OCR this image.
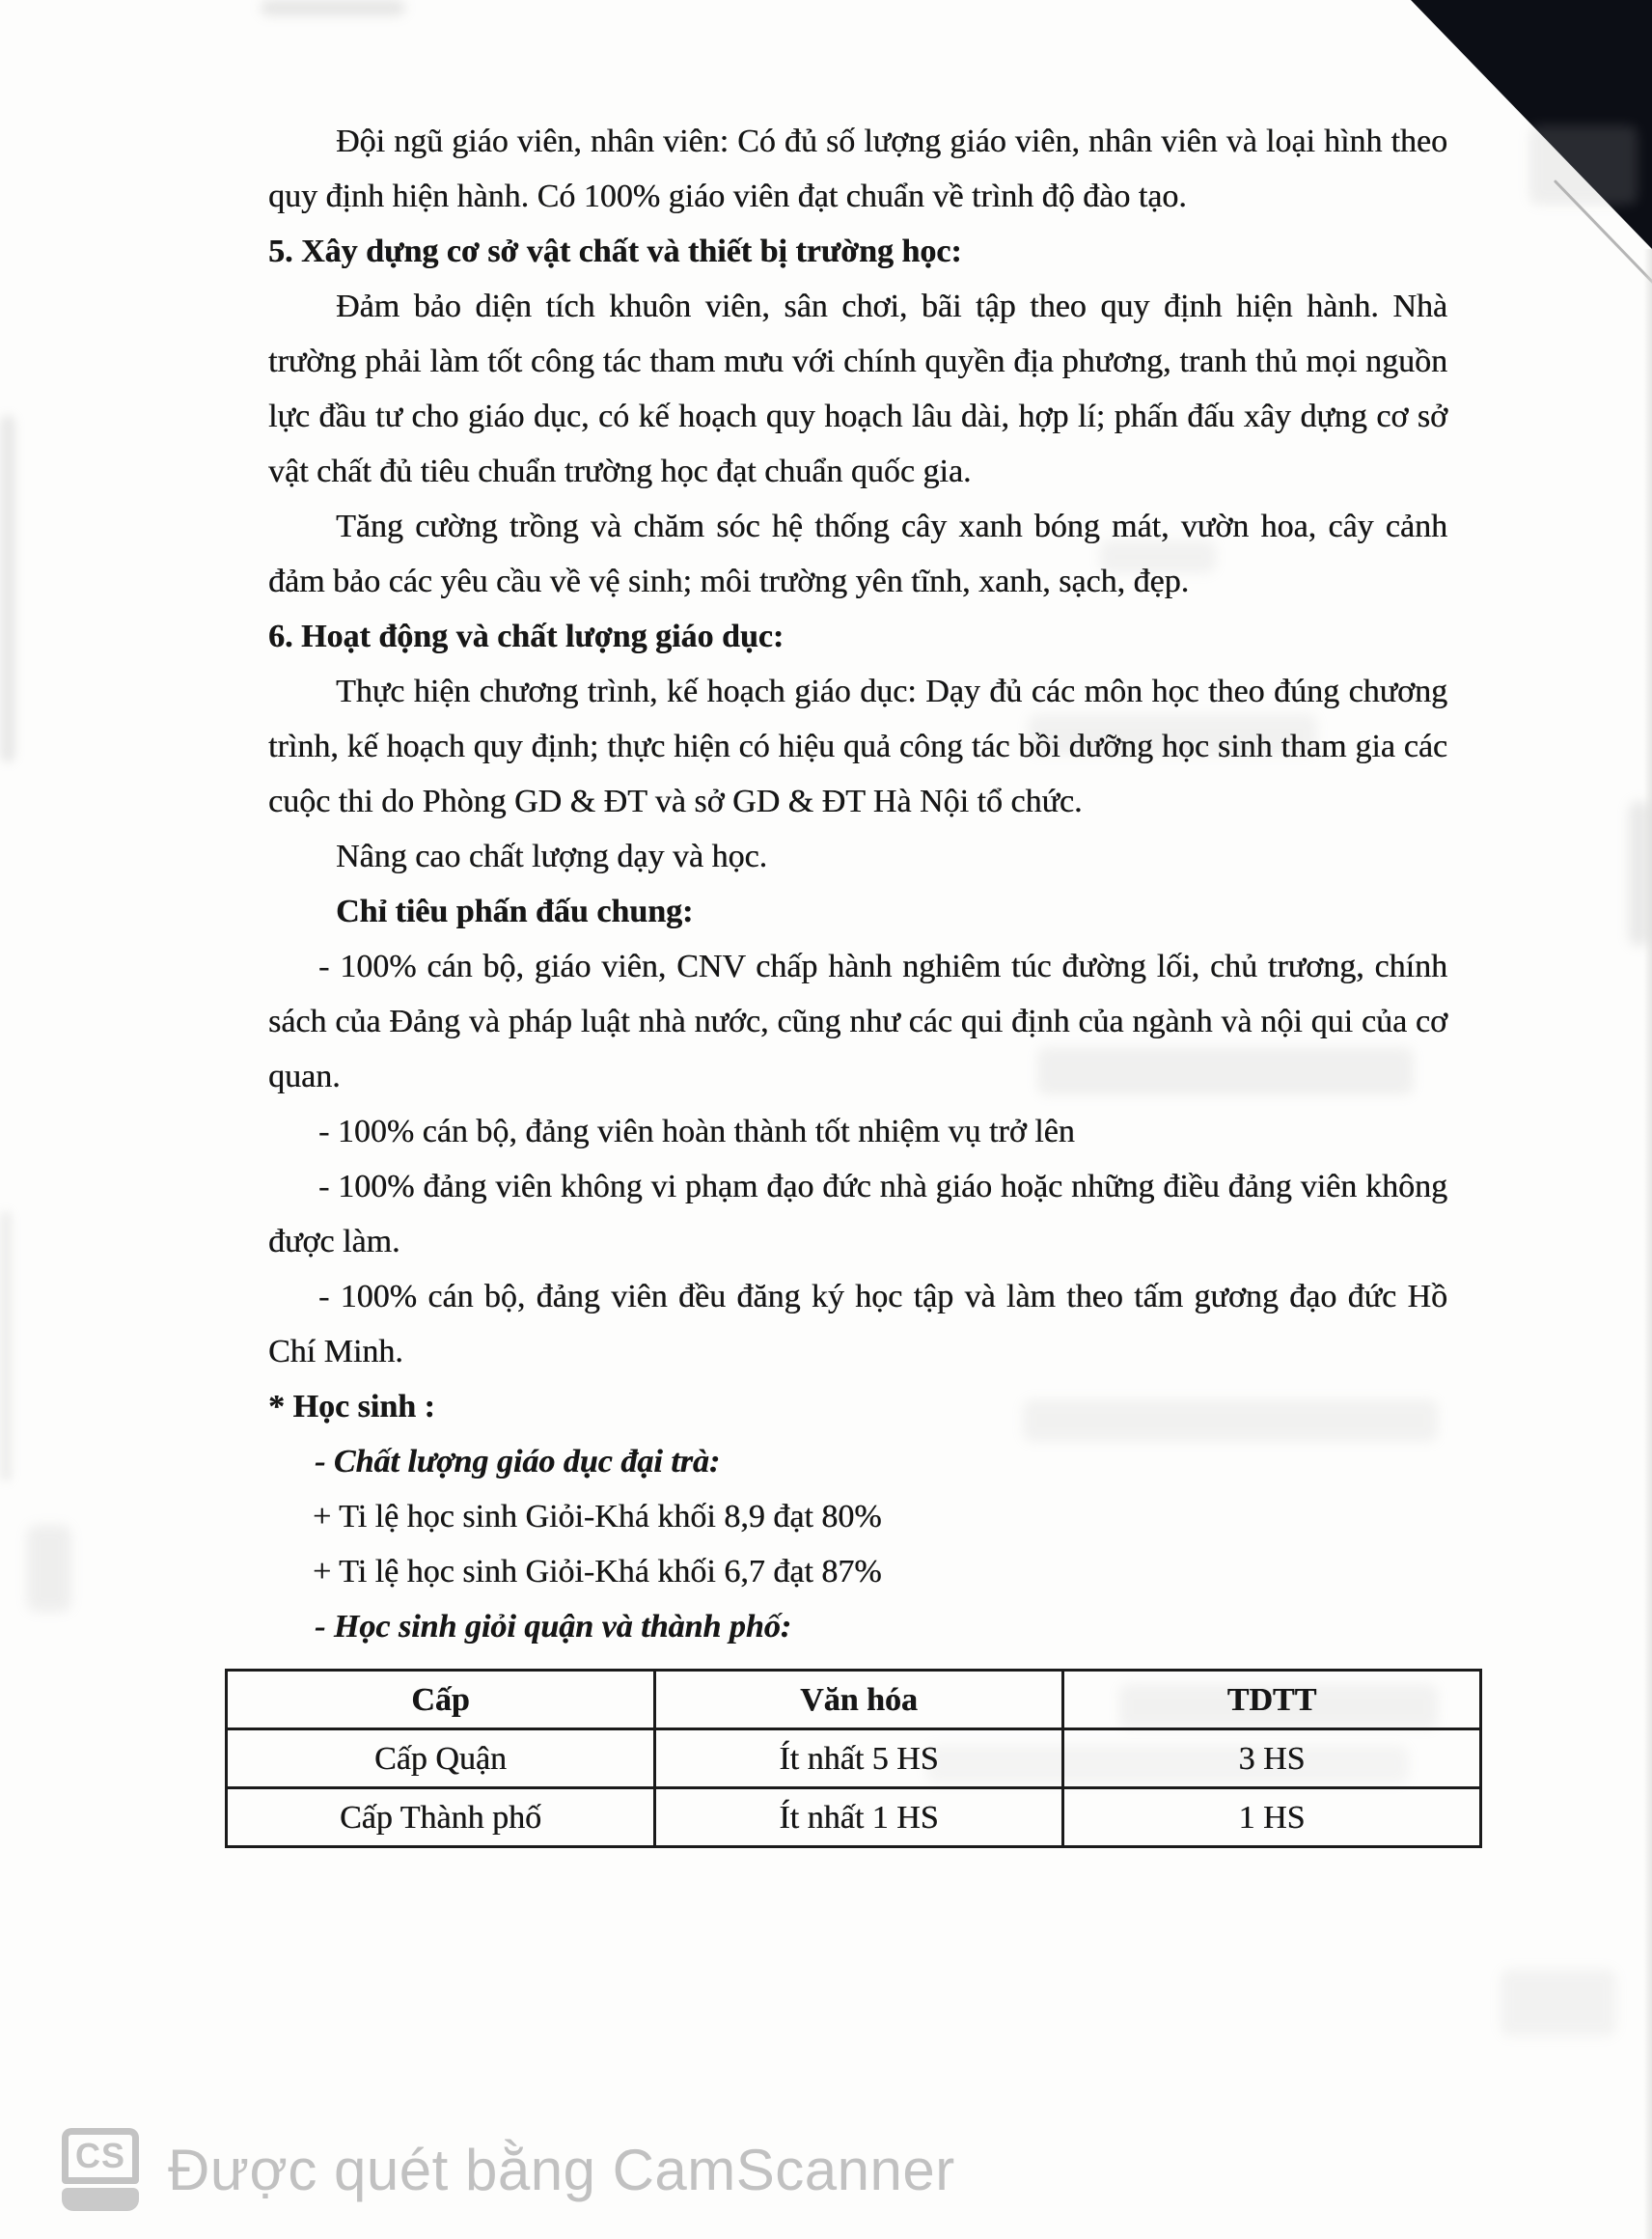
Đội ngũ giáo viên, nhân viên: Có đủ số lượng giáo viên, nhân viên và loại hình theo quy định hiện hành. Có 100% giáo viên đạt chuẩn về trình độ đào tạo.

5. Xây dựng cơ sở vật chất và thiết bị trường học:

Đảm bảo diện tích khuôn viên, sân chơi, bãi tập theo quy định hiện hành. Nhà trường phải làm tốt công tác tham mưu với chính quyền địa phương, tranh thủ mọi nguồn lực đầu tư cho giáo dục, có kế hoạch quy hoạch lâu dài, hợp lí; phấn đấu xây dựng cơ sở vật chất đủ tiêu chuẩn trường học đạt chuẩn quốc gia.

Tăng cường trồng và chăm sóc hệ thống cây xanh bóng mát, vườn hoa, cây cảnh đảm bảo các yêu cầu về vệ sinh; môi trường yên tĩnh, xanh, sạch, đẹp.

6. Hoạt động và chất lượng giáo dục:

Thực hiện chương trình, kế hoạch giáo dục: Dạy đủ các môn học theo đúng chương trình, kế hoạch quy định; thực hiện có hiệu quả công tác bồi dưỡng học sinh tham gia các cuộc thi do Phòng GD & ĐT và sở GD & ĐT Hà Nội tổ chức.

Nâng cao chất lượng dạy và học.

Chỉ tiêu phấn đấu chung:

- 100% cán bộ, giáo viên, CNV chấp hành nghiêm túc đường lối, chủ trương, chính sách của Đảng và pháp luật nhà nước, cũng như các qui định của ngành và nội qui của cơ quan.

- 100% cán bộ, đảng viên hoàn thành tốt nhiệm vụ trở lên

- 100% đảng viên không vi phạm đạo đức nhà giáo hoặc những điều đảng viên không được làm.

- 100% cán bộ, đảng viên đều đăng ký học tập và làm theo tấm gương đạo đức Hồ Chí Minh.

* Học sinh :

- Chất lượng giáo dục đại trà:

+ Ti lệ học sinh Giỏi-Khá khối 8,9 đạt 80%

+ Ti lệ học sinh Giỏi-Khá khối 6,7 đạt 87%

- Học sinh giỏi quận và thành phố:

Cấp	Văn hóa	TDTT
Cấp Quận	Ít nhất 5 HS	3 HS
Cấp Thành phố	Ít nhất 1 HS	1 HS
CS Được quét bằng CamScanner
